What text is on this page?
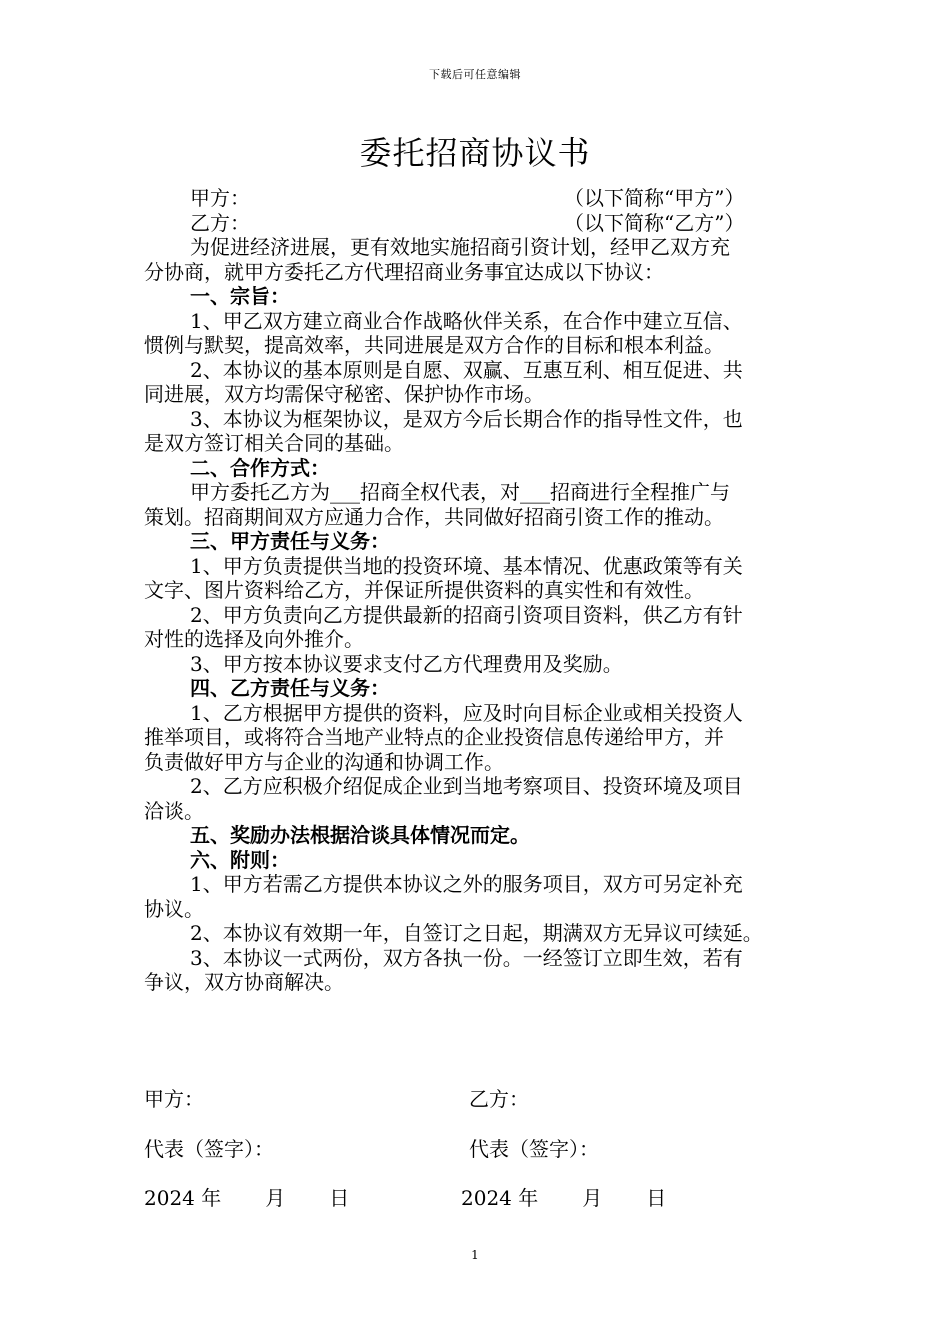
下载后可任意编辑
委托招商协议书
甲方：	（以下简称“甲方”）
乙方：	（以下简称“乙方”）
为促进经济进展，更有效地实施招商引资计划，经甲乙双方充
分协商，就甲方委托乙方代理招商业务事宜达成以下协议：
一、宗旨：
1、甲乙双方建立商业合作战略伙伴关系，在合作中建立互信、
惯例与默契，提高效率，共同进展是双方合作的目标和根本利益。
2、本协议的基本原则是自愿、双赢、互惠互利、相互促进、共
同进展，双方均需保守秘密、保护协作市场。
3、本协议为框架协议，是双方今后长期合作的指导性文件，也
是双方签订相关合同的基础。
二、合作方式：
甲方委托乙方为___招商全权代表，对___招商进行全程推广与
策划。招商期间双方应通力合作，共同做好招商引资工作的推动。
三、甲方责任与义务：
1、甲方负责提供当地的投资环境、基本情况、优惠政策等有关
文字、图片资料给乙方，并保证所提供资料的真实性和有效性。
2、甲方负责向乙方提供最新的招商引资项目资料，供乙方有针
对性的选择及向外推介。
3、甲方按本协议要求支付乙方代理费用及奖励。
四、乙方责任与义务：
1、乙方根据甲方提供的资料，应及时向目标企业或相关投资人
推举项目，或将符合当地产业特点的企业投资信息传递给甲方，并
负责做好甲方与企业的沟通和协调工作。
2、乙方应积极介绍促成企业到当地考察项目、投资环境及项目
洽谈。
五、奖励办法根据洽谈具体情况而定。
六、附则：
1、甲方若需乙方提供本协议之外的服务项目，双方可另定补充
协议。
2、本协议有效期一年，自签订之日起，期满双方无异议可续延。
3、本协议一式两份，双方各执一份。一经签订立即生效，若有
争议，双方协商解决。
甲方：	乙方：
代表（签字）：	代表（签字）：
2024 年 月 日	2024 年 月 日
1
